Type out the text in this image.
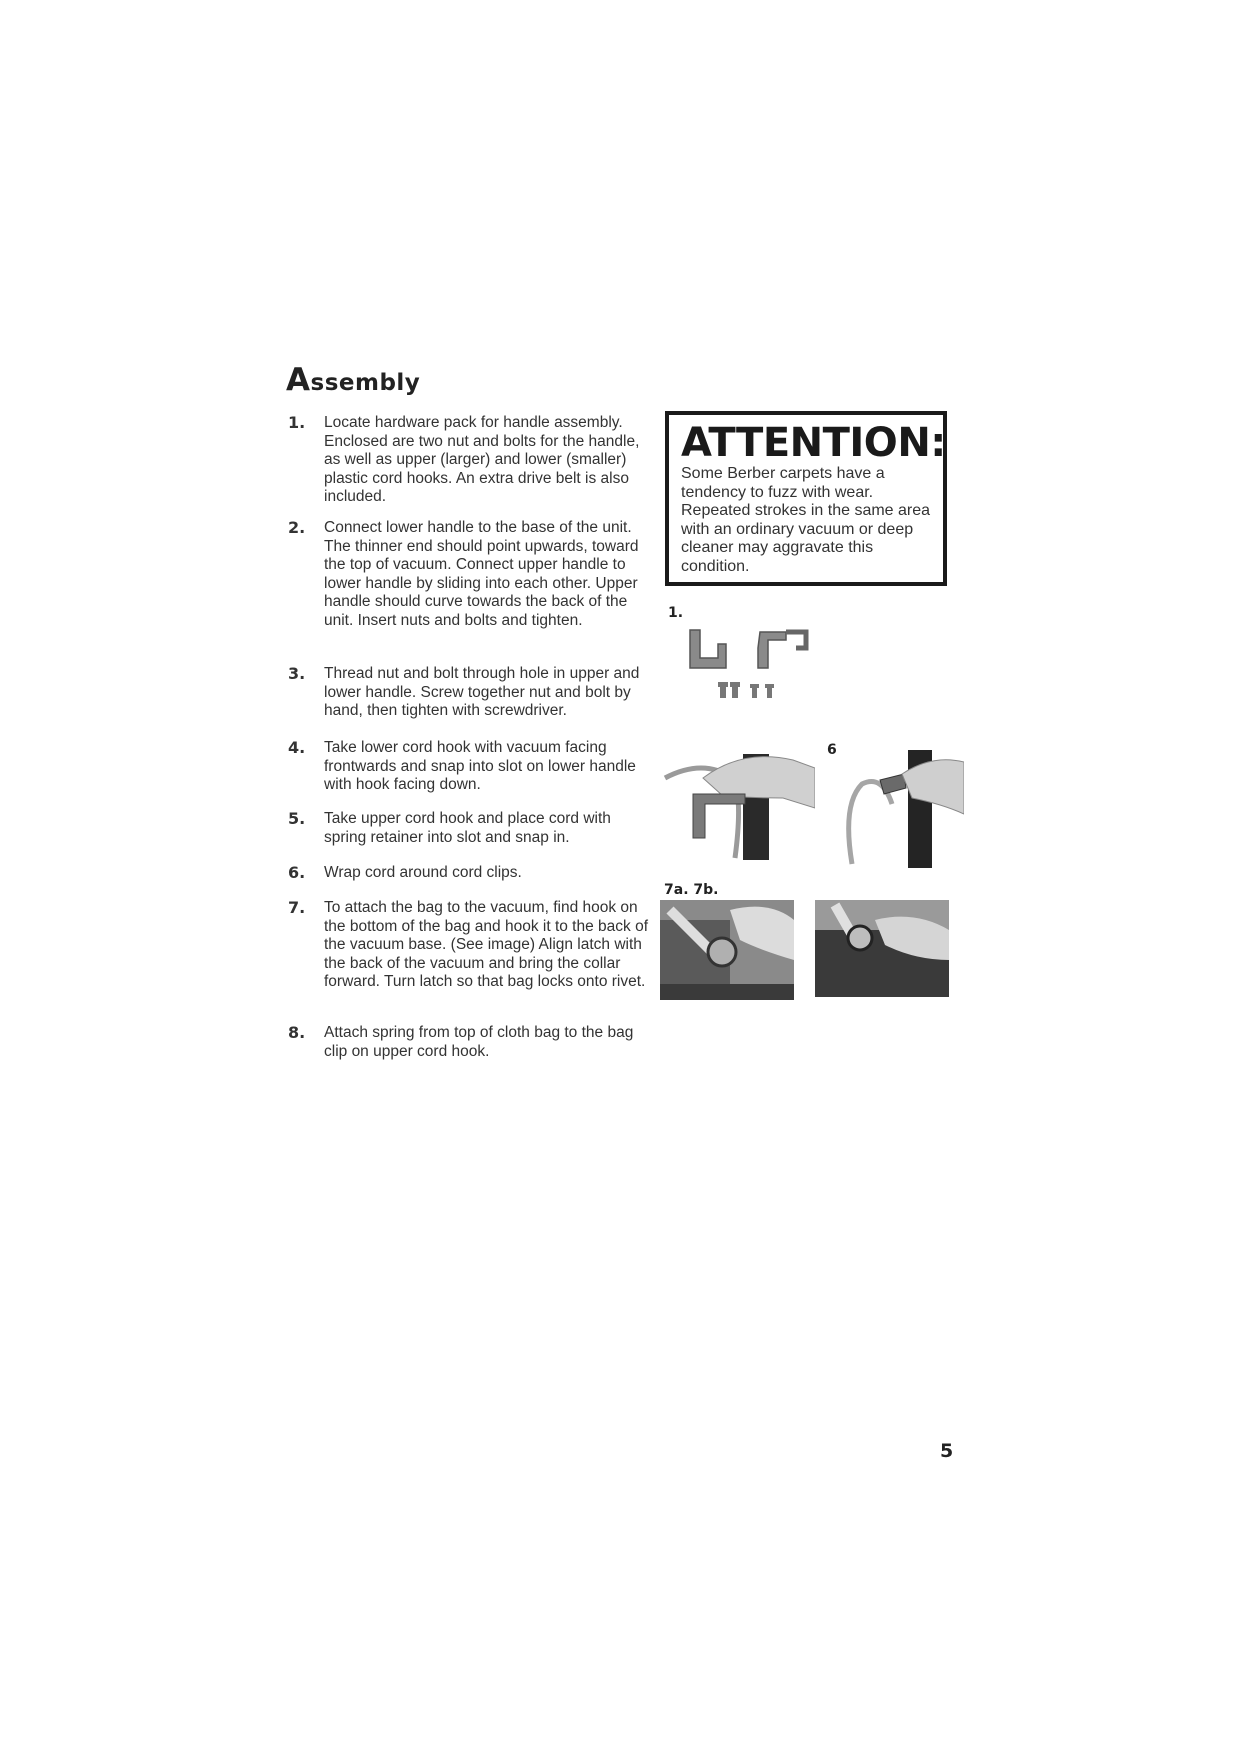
Assembly
1.	Locate hardware pack for handle assembly. Enclosed are two nut and bolts for the handle, as well as upper (larger) and lower (smaller) plastic cord hooks. An extra drive belt is also included.
2.	Connect lower handle to the base of the unit. The thinner end should point upwards, toward the top of vacuum. Connect upper handle to lower handle by sliding into each other. Upper handle should curve towards the back of the unit. Insert nuts and bolts and tighten.
3.	Thread nut and bolt through hole in upper and lower handle. Screw together nut and bolt by hand, then tighten with screwdriver.
4.	Take lower cord hook with vacuum facing frontwards and snap into slot on lower handle with hook facing down.
5.	Take upper cord hook and place cord with spring retainer into slot and snap in.
6.	Wrap cord around cord clips.
7.	To attach the bag to the vacuum, find hook on the bottom of the bag and hook it to the back of the vacuum base. (See image) Align latch with the back of the vacuum and bring the collar forward. Turn latch so that bag locks onto rivet.
8.	Attach spring from top of cloth bag to the bag clip on upper cord hook.
ATTENTION:
Some Berber carpets have a tendency to fuzz with wear. Repeated strokes in the same area with an ordinary vacuum or deep cleaner may aggravate this condition.
1.
6
7a. 7b.
5
